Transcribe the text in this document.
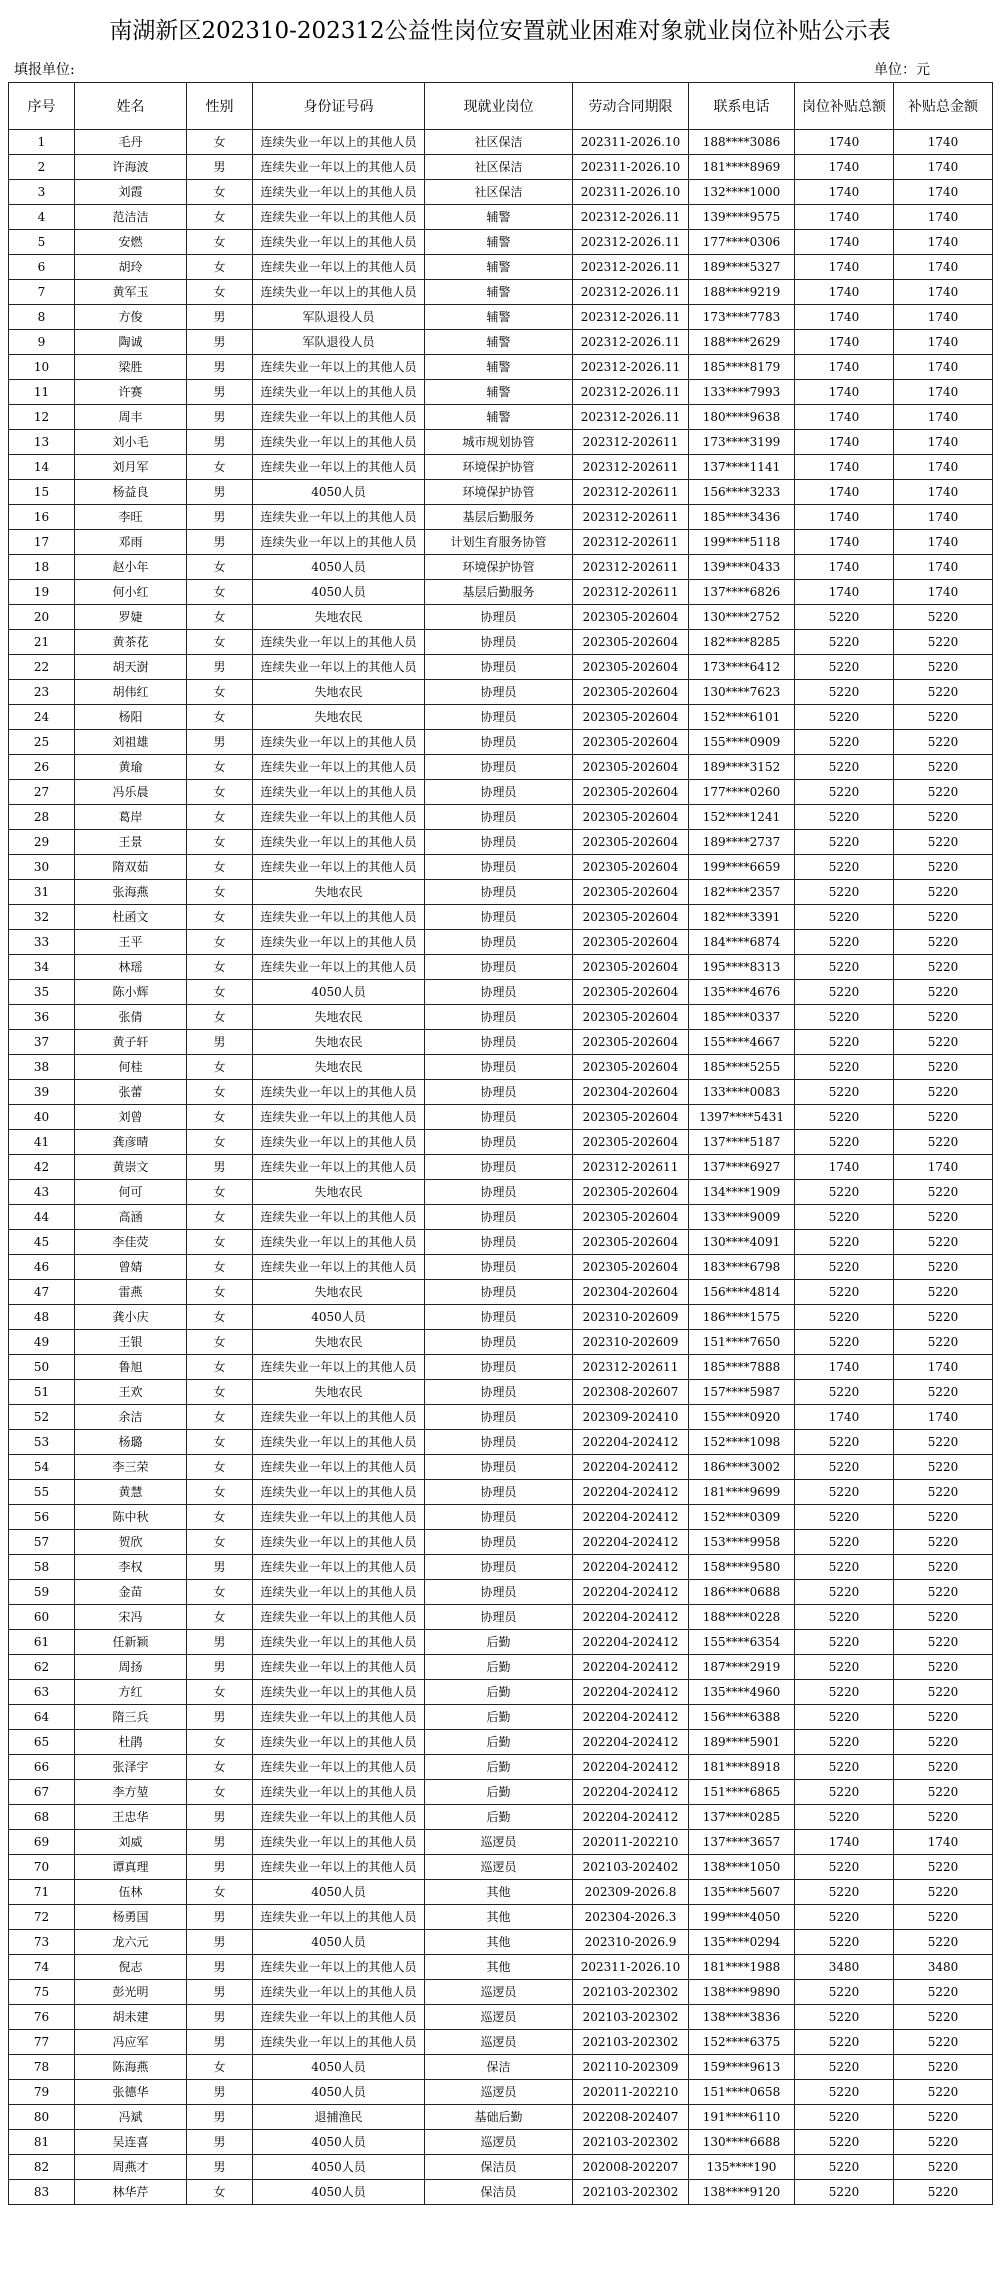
南湖新区202310-202312公益性岗位安置就业困难对象就业岗位补贴公示表
填报单位:	单位：元
序号	姓名	性别	身份证号码	现就业岗位	劳动合同期限	联系电话	岗位补贴总额	补贴总金额
1	毛丹	女	连续失业一年以上的其他人员	社区保洁	202311-2026.10	188****3086	1740	1740
2	许海波	男	连续失业一年以上的其他人员	社区保洁	202311-2026.10	181****8969	1740	1740
3	刘霞	女	连续失业一年以上的其他人员	社区保洁	202311-2026.10	132****1000	1740	1740
4	范洁洁	女	连续失业一年以上的其他人员	辅警	202312-2026.11	139****9575	1740	1740
5	安燃	女	连续失业一年以上的其他人员	辅警	202312-2026.11	177****0306	1740	1740
6	胡玲	女	连续失业一年以上的其他人员	辅警	202312-2026.11	189****5327	1740	1740
7	黄军玉	女	连续失业一年以上的其他人员	辅警	202312-2026.11	188****9219	1740	1740
8	方俊	男	军队退役人员	辅警	202312-2026.11	173****7783	1740	1740
9	陶诚	男	军队退役人员	辅警	202312-2026.11	188****2629	1740	1740
10	梁胜	男	连续失业一年以上的其他人员	辅警	202312-2026.11	185****8179	1740	1740
11	许赛	男	连续失业一年以上的其他人员	辅警	202312-2026.11	133****7993	1740	1740
12	周丰	男	连续失业一年以上的其他人员	辅警	202312-2026.11	180****9638	1740	1740
13	刘小毛	男	连续失业一年以上的其他人员	城市规划协管	202312-202611	173****3199	1740	1740
14	刘月军	女	连续失业一年以上的其他人员	环境保护协管	202312-202611	137****1141	1740	1740
15	杨益良	男	4050人员	环境保护协管	202312-202611	156****3233	1740	1740
16	李旺	男	连续失业一年以上的其他人员	基层后勤服务	202312-202611	185****3436	1740	1740
17	邓雨	男	连续失业一年以上的其他人员	计划生育服务协管	202312-202611	199****5118	1740	1740
18	赵小年	女	4050人员	环境保护协管	202312-202611	139****0433	1740	1740
19	何小红	女	4050人员	基层后勤服务	202312-202611	137****6826	1740	1740
20	罗婕	女	失地农民	协理员	202305-202604	130****2752	5220	5220
21	黄茶花	女	连续失业一年以上的其他人员	协理员	202305-202604	182****8285	5220	5220
22	胡天澍	男	连续失业一年以上的其他人员	协理员	202305-202604	173****6412	5220	5220
23	胡伟红	女	失地农民	协理员	202305-202604	130****7623	5220	5220
24	杨阳	女	失地农民	协理员	202305-202604	152****6101	5220	5220
25	刘祖雄	男	连续失业一年以上的其他人员	协理员	202305-202604	155****0909	5220	5220
26	黄瑜	女	连续失业一年以上的其他人员	协理员	202305-202604	189****3152	5220	5220
27	冯乐晨	女	连续失业一年以上的其他人员	协理员	202305-202604	177****0260	5220	5220
28	葛岸	女	连续失业一年以上的其他人员	协理员	202305-202604	152****1241	5220	5220
29	王景	女	连续失业一年以上的其他人员	协理员	202305-202604	189****2737	5220	5220
30	隋双茹	女	连续失业一年以上的其他人员	协理员	202305-202604	199****6659	5220	5220
31	张海燕	女	失地农民	协理员	202305-202604	182****2357	5220	5220
32	杜函文	女	连续失业一年以上的其他人员	协理员	202305-202604	182****3391	5220	5220
33	王平	女	连续失业一年以上的其他人员	协理员	202305-202604	184****6874	5220	5220
34	林瑶	女	连续失业一年以上的其他人员	协理员	202305-202604	195****8313	5220	5220
35	陈小辉	女	4050人员	协理员	202305-202604	135****4676	5220	5220
36	张倩	女	失地农民	协理员	202305-202604	185****0337	5220	5220
37	黄子轩	男	失地农民	协理员	202305-202604	155****4667	5220	5220
38	何桂	女	失地农民	协理员	202305-202604	185****5255	5220	5220
39	张蕾	女	连续失业一年以上的其他人员	协理员	202304-202604	133****0083	5220	5220
40	刘曾	女	连续失业一年以上的其他人员	协理员	202305-202604	1397****5431	5220	5220
41	龚彦晴	女	连续失业一年以上的其他人员	协理员	202305-202604	137****5187	5220	5220
42	黄崇文	男	连续失业一年以上的其他人员	协理员	202312-202611	137****6927	1740	1740
43	何可	女	失地农民	协理员	202305-202604	134****1909	5220	5220
44	高涵	女	连续失业一年以上的其他人员	协理员	202305-202604	133****9009	5220	5220
45	李佳荧	女	连续失业一年以上的其他人员	协理员	202305-202604	130****4091	5220	5220
46	曾婧	女	连续失业一年以上的其他人员	协理员	202305-202604	183****6798	5220	5220
47	雷燕	女	失地农民	协理员	202304-202604	156****4814	5220	5220
48	龚小庆	女	4050人员	协理员	202310-202609	186****1575	5220	5220
49	王银	女	失地农民	协理员	202310-202609	151****7650	5220	5220
50	鲁旭	女	连续失业一年以上的其他人员	协理员	202312-202611	185****7888	1740	1740
51	王欢	女	失地农民	协理员	202308-202607	157****5987	5220	5220
52	余洁	女	连续失业一年以上的其他人员	协理员	202309-202410	155****0920	1740	1740
53	杨璐	女	连续失业一年以上的其他人员	协理员	202204-202412	152****1098	5220	5220
54	李三荣	女	连续失业一年以上的其他人员	协理员	202204-202412	186****3002	5220	5220
55	黄慧	女	连续失业一年以上的其他人员	协理员	202204-202412	181****9699	5220	5220
56	陈中秋	女	连续失业一年以上的其他人员	协理员	202204-202412	152****0309	5220	5220
57	贺欣	女	连续失业一年以上的其他人员	协理员	202204-202412	153****9958	5220	5220
58	李权	男	连续失业一年以上的其他人员	协理员	202204-202412	158****9580	5220	5220
59	金苗	女	连续失业一年以上的其他人员	协理员	202204-202412	186****0688	5220	5220
60	宋冯	女	连续失业一年以上的其他人员	协理员	202204-202412	188****0228	5220	5220
61	任新颖	男	连续失业一年以上的其他人员	后勤	202204-202412	155****6354	5220	5220
62	周扬	男	连续失业一年以上的其他人员	后勤	202204-202412	187****2919	5220	5220
63	方红	女	连续失业一年以上的其他人员	后勤	202204-202412	135****4960	5220	5220
64	隋三兵	男	连续失业一年以上的其他人员	后勤	202204-202412	156****6388	5220	5220
65	杜鹃	女	连续失业一年以上的其他人员	后勤	202204-202412	189****5901	5220	5220
66	张泽宇	女	连续失业一年以上的其他人员	后勤	202204-202412	181****8918	5220	5220
67	李方堃	女	连续失业一年以上的其他人员	后勤	202204-202412	151****6865	5220	5220
68	王忠华	男	连续失业一年以上的其他人员	后勤	202204-202412	137****0285	5220	5220
69	刘威	男	连续失业一年以上的其他人员	巡逻员	202011-202210	137****3657	1740	1740
70	谭真理	男	连续失业一年以上的其他人员	巡逻员	202103-202402	138****1050	5220	5220
71	伍林	女	4050人员	其他	202309-2026.8	135****5607	5220	5220
72	杨勇国	男	连续失业一年以上的其他人员	其他	202304-2026.3	199****4050	5220	5220
73	龙六元	男	4050人员	其他	202310-2026.9	135****0294	5220	5220
74	倪志	男	连续失业一年以上的其他人员	其他	202311-2026.10	181****1988	3480	3480
75	彭光明	男	连续失业一年以上的其他人员	巡逻员	202103-202302	138****9890	5220	5220
76	胡未建	男	连续失业一年以上的其他人员	巡逻员	202103-202302	138****3836	5220	5220
77	冯应军	男	连续失业一年以上的其他人员	巡逻员	202103-202302	152****6375	5220	5220
78	陈海燕	女	4050人员	保洁	202110-202309	159****9613	5220	5220
79	张德华	男	4050人员	巡逻员	202011-202210	151****0658	5220	5220
80	冯斌	男	退捕渔民	基础后勤	202208-202407	191****6110	5220	5220
81	吴连喜	男	4050人员	巡逻员	202103-202302	130****6688	5220	5220
82	周燕才	男	4050人员	保洁员	202008-202207	135****190	5220	5220
83	林华芹	女	4050人员	保洁员	202103-202302	138****9120	5220	5220
